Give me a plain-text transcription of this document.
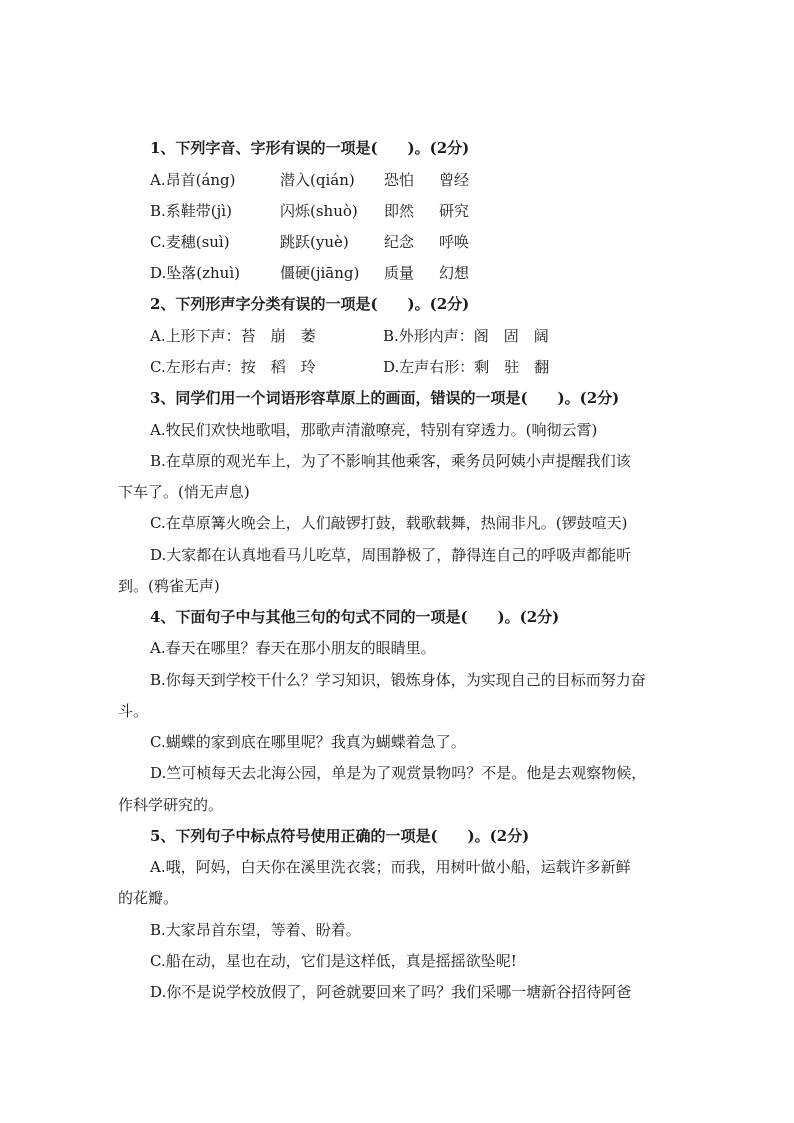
1、下列字音、字形有误的一项是(　　)。(2分)
A.昂首(áng)	潜入(qián) 恐怕 曾经
B.系鞋带(jì)	闪烁(shuò) 即然 研究
C.麦穗(suì)	跳跃(yuè) 纪念 呼唤
D.坠落(zhuì)	僵硬(jiāng) 质量 幻想
2、下列形声字分类有误的一项是(　　)。(2分)
A.上形下声：苔　崩　萎	B.外形内声：阁　固　阔
C.左形右声：按　稻　玲	D.左声右形：剩　驻　翻
3、同学们用一个词语形容草原上的画面，错误的一项是(　　)。(2分)
A.牧民们欢快地歌唱，那歌声清澈嘹亮，特别有穿透力。(响彻云霄)
B.在草原的观光车上，为了不影响其他乘客，乘务员阿姨小声提醒我们该
下车了。(悄无声息)
C.在草原篝火晚会上，人们敲锣打鼓，载歌载舞，热闹非凡。(锣鼓喧天)
D.大家都在认真地看马儿吃草，周围静极了，静得连自己的呼吸声都能听
到。(鸦雀无声)
4、下面句子中与其他三句的句式不同的一项是(　　)。(2分)
A.春天在哪里？春天在那小朋友的眼睛里。
B.你每天到学校干什么？学习知识，锻炼身体，为实现自己的目标而努力奋
斗。
C.蝴蝶的家到底在哪里呢？我真为蝴蝶着急了。
D.竺可桢每天去北海公园，单是为了观赏景物吗？不是。他是去观察物候，
作科学研究的。
5、下列句子中标点符号使用正确的一项是(　　)。(2分)
A.哦，阿妈，白天你在溪里洗衣裳；而我，用树叶做小船，运载许多新鲜
的花瓣。
B.大家昂首东望，等着、盼着。
C.船在动，星也在动，它们是这样低，真是摇摇欲坠呢!
D.你不是说学校放假了，阿爸就要回来了吗？我们采哪一塘新谷招待阿爸
